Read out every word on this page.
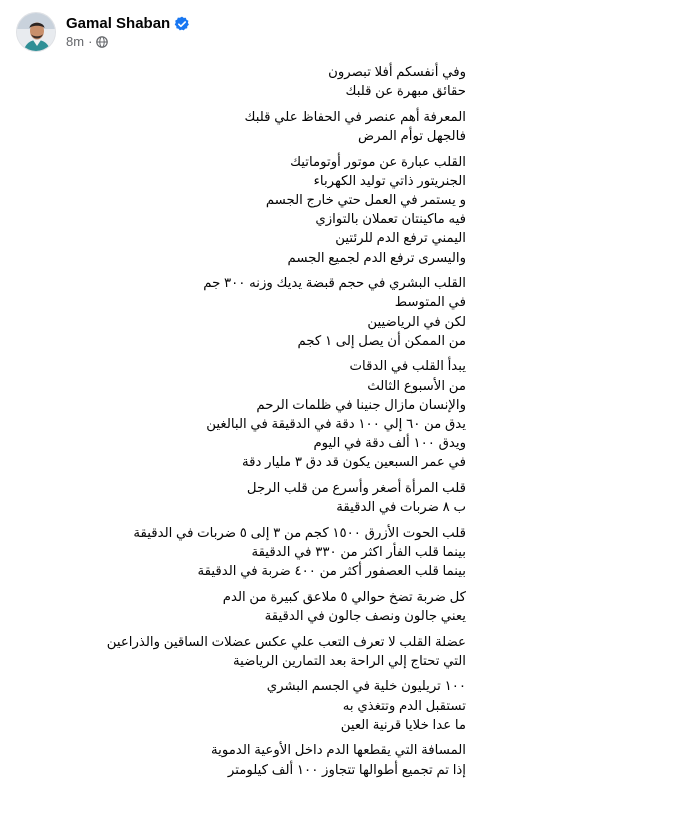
Gamal Shaban
8m ·
وفي أنفسكم أفلا تبصرون
حقائق مبهرة عن قلبك
المعرفة أهم عنصر في الحفاظ علي قلبك
فالجهل توأم المرض
القلب عبارة عن موتور أوتوماتيك
الجنريتور ذاتي توليد الكهرباء
و يستمر في العمل حتي خارج الجسم
فيه ماكينتان تعملان بالتوازي
اليمني ترفع الدم للرئتين
واليسرى ترفع الدم لجميع الجسم
القلب البشري في حجم قبضة يديك وزنه ٣٠٠ جم
في المتوسط
لكن في الرياضيين
من الممكن أن يصل إلى ١ كجم
يبدأ القلب في الدقات
من الأسبوع الثالث
والإنسان مازال جنينا في ظلمات الرحم
يدق من ٦٠ إلي ١٠٠ دقة في الدقيقة في البالغين
ويدق ١٠٠ ألف دقة في اليوم
في عمر السبعين يكون قد دق ٣ مليار دقة
قلب المرأة أصغر وأسرع من قلب الرجل
ب ٨ ضربات في الدقيقة
قلب الحوت الأزرق ١٥٠٠ كجم من ٣ إلى ٥ ضربات في الدقيقة
بينما قلب الفأر اكثر من ٣٣٠ في الدقيقة
بينما قلب العصفور أكثر من ٤٠٠ ضربة في الدقيقة
كل ضربة تضخ حوالي ٥ ملاعق كبيرة من الدم
يعني جالون ونصف جالون في الدقيقة
عضلة القلب لا تعرف التعب علي عكس عضلات الساقين والذراعين
التي تحتاج إلي الراحة بعد التمارين الرياضية
١٠٠ تريليون خلية في الجسم البشري
تستقبل الدم وتتغذي به
ما عدا خلايا قرنية العين
المسافة التي يقطعها الدم داخل الأوعية الدموية
إذا تم تجميع أطوالها تتجاوز ١٠٠ ألف كيلومتر
